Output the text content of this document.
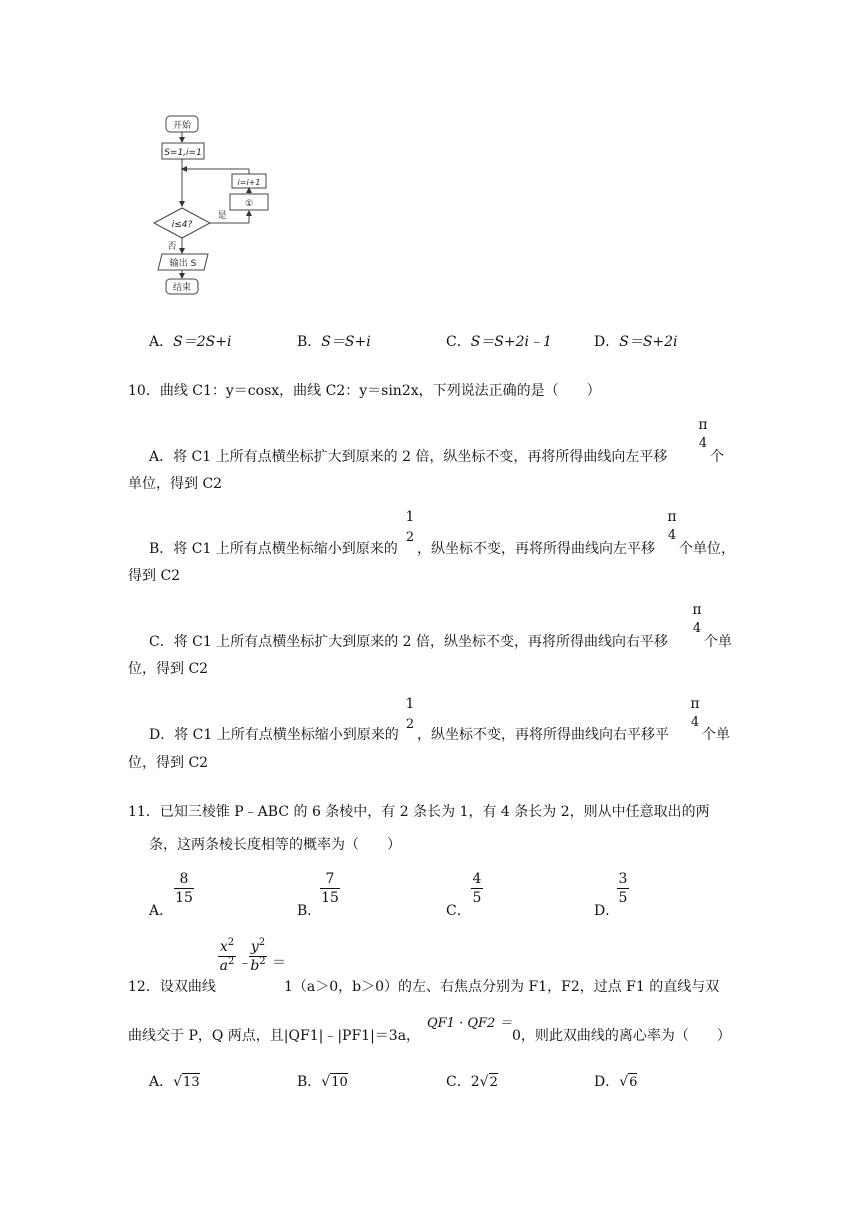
开始
S=1,i=1
i=i+1
①
i≤4?
是
否
输出 S
结束
A．S＝2S+i	B．S＝S+i	C．S＝S+2i﹣1	D．S＝S+2i
10．曲线 C1：y＝cosx，曲线 C2：y＝sin2x，下列说法正确的是（　　）
π
4
A．将 C1 上所有点横坐标扩大到原来的 2 倍，纵坐标不变，再将所得曲线向左平移	个
单位，得到 C2
1
2
π
4
B．将 C1 上所有点横坐标缩小到原来的 ，纵坐标不变，再将所得曲线向左平移 个单位，
得到 C2
π
4
C．将 C1 上所有点横坐标扩大到原来的 2 倍，纵坐标不变，再将所得曲线向右平移	个单
位，得到 C2
1
2
π
4
D．将 C1 上所有点横坐标缩小到原来的 ，纵坐标不变，再将所得曲线向右平移平 个单
位，得到 C2
11．已知三棱锥 P﹣ABC 的 6 条棱中，有 2 条长为 1，有 4 条长为 2，则从中任意取出的两
条，这两条棱长度相等的概率为（　　）
A．
8
15
B．
7
15
C．
4
5
D．
3
5
$x^2$
$a^2$ ﹣
$y^2$
$b^2$ ＝
12．设双曲线	1（a＞0，b＞0）的左、右焦点分别为 F1，F2，过点 F1 的直线与双
曲线交于 P，Q 两点，且|QF1|﹣|PF1|＝3a，
QF1 · QF2 ＝
0，则此双曲线的离心率为（　　）
A．√13	B．√10	C．2√2	D．√6
